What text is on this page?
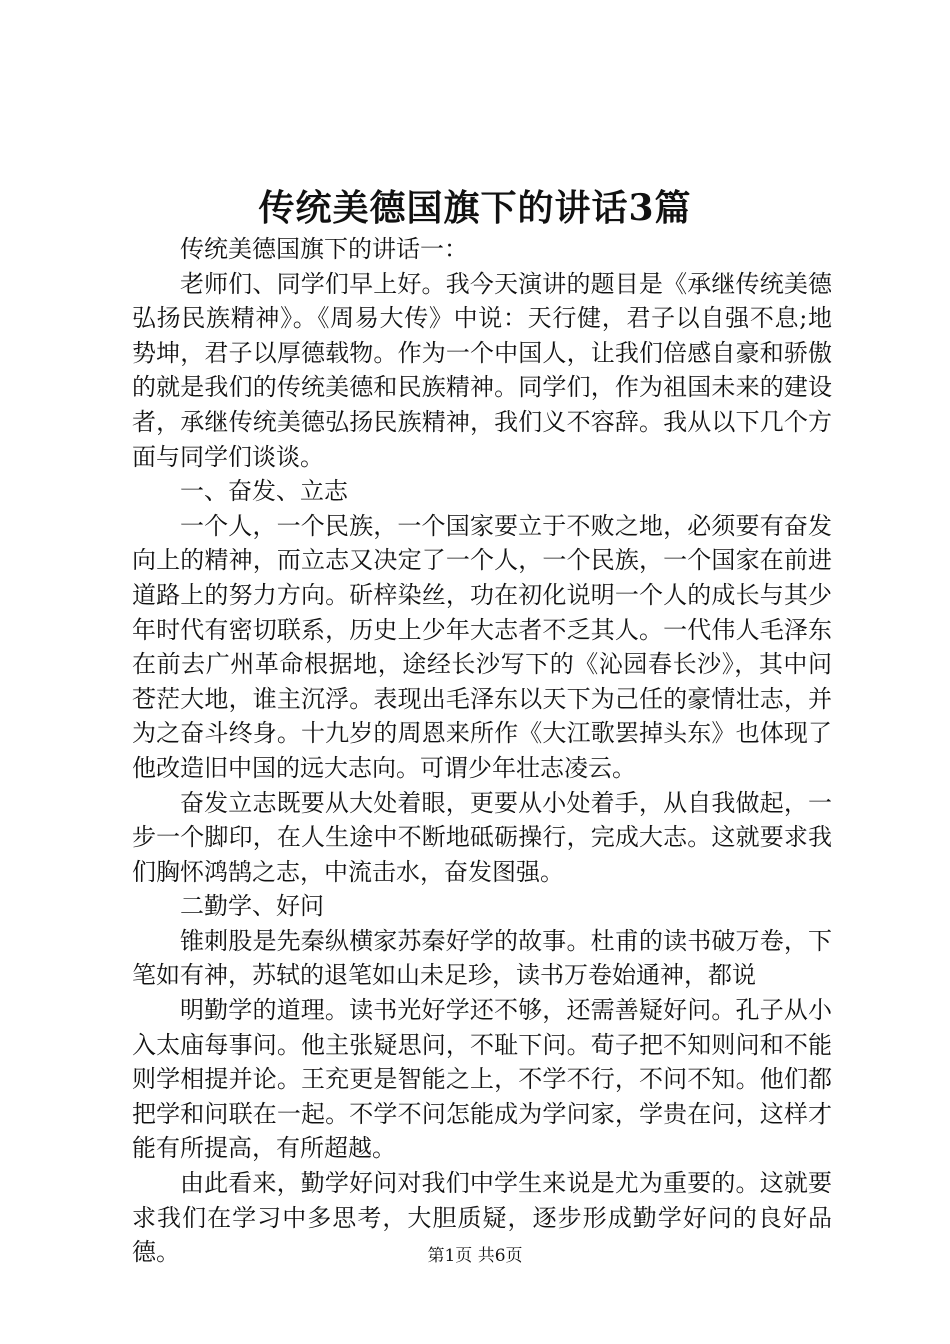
传统美德国旗下的讲话3篇

传统美德国旗下的讲话一：

老师们、同学们早上好。我今天演讲的题目是《承继传统美德弘扬民族精神》。《周易大传》中说：天行健，君子以自强不息;地势坤，君子以厚德载物。作为一个中国人，让我们倍感自豪和骄傲的就是我们的传统美德和民族精神。同学们，作为祖国未来的建设者，承继传统美德弘扬民族精神，我们义不容辞。我从以下几个方面与同学们谈谈。

一、奋发、立志

一个人，一个民族，一个国家要立于不败之地，必须要有奋发向上的精神，而立志又决定了一个人，一个民族，一个国家在前进道路上的努力方向。斫梓染丝，功在初化说明一个人的成长与其少年时代有密切联系，历史上少年大志者不乏其人。一代伟人毛泽东在前去广州革命根据地，途经长沙写下的《沁园春长沙》，其中问苍茫大地，谁主沉浮。表现出毛泽东以天下为己任的豪情壮志，并为之奋斗终身。十九岁的周恩来所作《大江歌罢掉头东》也体现了他改造旧中国的远大志向。可谓少年壮志凌云。

奋发立志既要从大处着眼，更要从小处着手，从自我做起，一步一个脚印，在人生途中不断地砥砺操行，完成大志。这就要求我们胸怀鸿鹄之志，中流击水，奋发图强。

二勤学、好问

锥刺股是先秦纵横家苏秦好学的故事。杜甫的读书破万卷，下笔如有神，苏轼的退笔如山未足珍，读书万卷始通神，都说

明勤学的道理。读书光好学还不够，还需善疑好问。孔子从小入太庙每事问。他主张疑思问，不耻下问。荀子把不知则问和不能则学相提并论。王充更是智能之上，不学不行，不问不知。他们都把学和问联在一起。不学不问怎能成为学问家，学贵在问，这样才能有所提高，有所超越。

由此看来，勤学好问对我们中学生来说是尤为重要的。这就要求我们在学习中多思考，大胆质疑，逐步形成勤学好问的良好品德。	第1页 共6页
